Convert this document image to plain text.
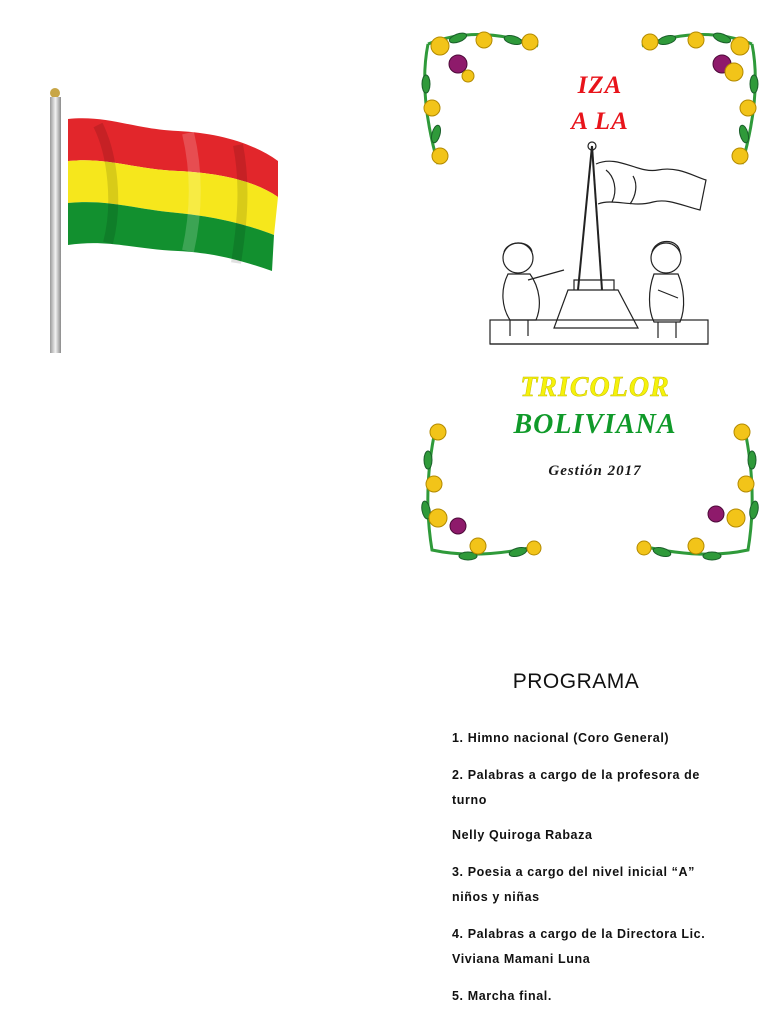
IZA
A LA
TRICOLOR
BOLIVIANA
Gestión 2017
PROGRAMA
1. Himno nacional (Coro General)
2. Palabras a cargo de la profesora de
turno
Nelly Quiroga Rabaza
3. Poesia a cargo del nivel inicial “A”
niños y niñas
4. Palabras a cargo de la Directora Lic.
Viviana Mamani Luna
5. Marcha final.
